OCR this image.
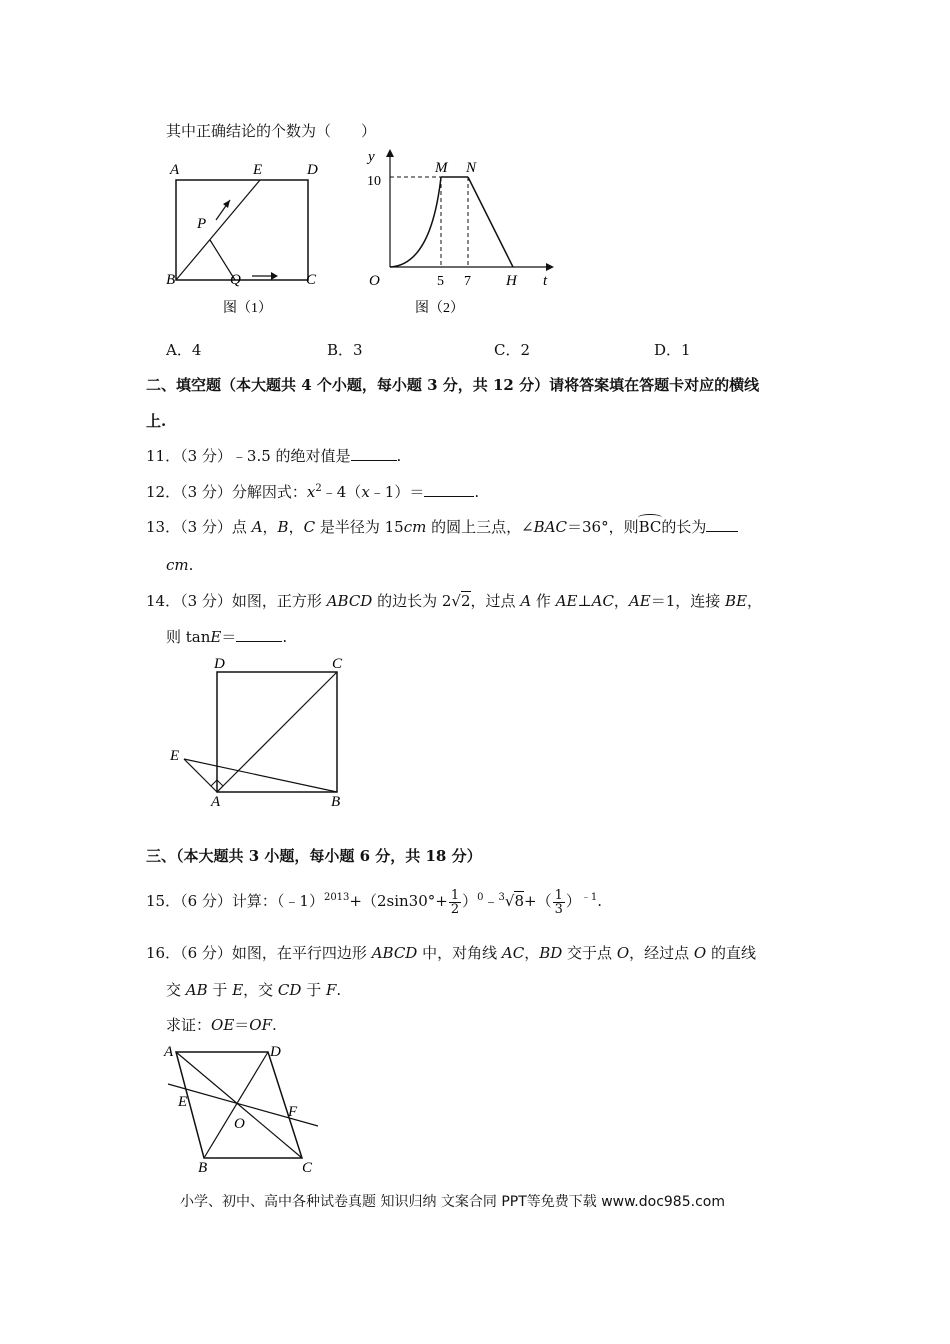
其中正确结论的个数为（　　）
A	E	D
P
B	Q	C
图（1）
y
M N
10
O	5 7 H t
图（2）
A．4	B．3	C．2	D．1
二、填空题（本大题共 4 个小题，每小题 3 分，共 12 分）请将答案填在答题卡对应的横线
上.
11．（3 分）﹣3.5 的绝对值是	.
12．（3 分）分解因式：$x^2﹣4(x﹣1)=$	.
13．（3 分）点 A，B，C 是半径为 15cm 的圆上三点，∠BAC＝36°，则BC的长为
cm.
14．（3 分）如图，正方形 ABCD 的边长为 2√2，过点 A 作 AE⊥AC，AE＝1，连接 BE，
则 tanE＝	.
D	C
E
A	B
三、（本大题共 3 小题，每小题 6 分，共 18 分）
15．（6 分）计算：（﹣1）$^{2013}$+（2sin30°+ $\frac{1}{2}$ ）$^0$﹣$^3$√8+（ $\frac{1}{3} )^{﹣1}$.
16．（6 分）如图，在平行四边形 ABCD 中，对角线 AC，BD 交于点 O，经过点 O 的直线
交 AB 于 E，交 CD 于 F.
求证：OE＝OF.
A	D
E
F
O
B	C
小学、初中、高中各种试卷真题 知识归纳 文案合同 PPT等免费下载 www.doc985.com
